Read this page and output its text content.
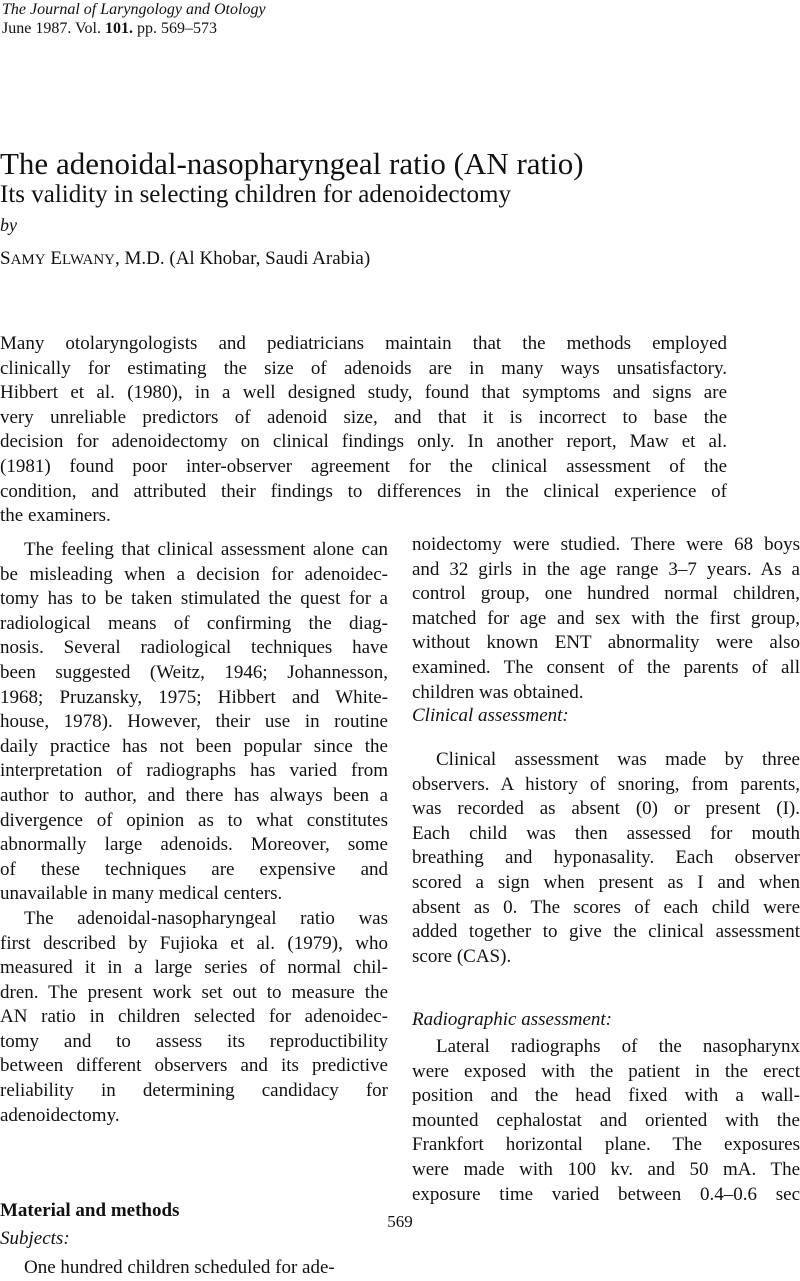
The Journal of Laryngology and Otology
June 1987. Vol. 101. pp. 569–573
The adenoidal-nasopharyngeal ratio (AN ratio)
Its validity in selecting children for adenoidectomy
by
SAMY ELWANY, M.D. (Al Khobar, Saudi Arabia)
Many otolaryngologists and pediatricians maintain that the methods employed
clinically for estimating the size of adenoids are in many ways unsatisfactory.
Hibbert et al. (1980), in a well designed study, found that symptoms and signs are
very unreliable predictors of adenoid size, and that it is incorrect to base the
decision for adenoidectomy on clinical findings only. In another report, Maw et al.
(1981) found poor inter-observer agreement for the clinical assessment of the
condition, and attributed their findings to differences in the clinical experience of
the examiners.
The feeling that clinical assessment alone can
be misleading when a decision for adenoidec-
tomy has to be taken stimulated the quest for a
radiological means of confirming the diag-
nosis. Several radiological techniques have
been suggested (Weitz, 1946; Johannesson,
1968; Pruzansky, 1975; Hibbert and White-
house, 1978). However, their use in routine
daily practice has not been popular since the
interpretation of radiographs has varied from
author to author, and there has always been a
divergence of opinion as to what constitutes
abnormally large adenoids. Moreover, some
of these techniques are expensive and
unavailable in many medical centers.
The adenoidal-nasopharyngeal ratio was
first described by Fujioka et al. (1979), who
measured it in a large series of normal chil-
dren. The present work set out to measure the
AN ratio in children selected for adenoidec-
tomy and to assess its reproductibility
between different observers and its predictive
reliability in determining candidacy for
adenoidectomy.
Material and methods
Subjects:
One hundred children scheduled for ade-
noidectomy were studied. There were 68 boys
and 32 girls in the age range 3–7 years. As a
control group, one hundred normal children,
matched for age and sex with the first group,
without known ENT abnormality were also
examined. The consent of the parents of all
children was obtained.
Clinical assessment:
Clinical assessment was made by three
observers. A history of snoring, from parents,
was recorded as absent (0) or present (I).
Each child was then assessed for mouth
breathing and hyponasality. Each observer
scored a sign when present as I and when
absent as 0. The scores of each child were
added together to give the clinical assessment
score (CAS).
Radiographic assessment:
Lateral radiographs of the nasopharynx
were exposed with the patient in the erect
position and the head fixed with a wall-
mounted cephalostat and oriented with the
Frankfort horizontal plane. The exposures
were made with 100 kv. and 50 mA. The
exposure time varied between 0.4–0.6 sec
569
